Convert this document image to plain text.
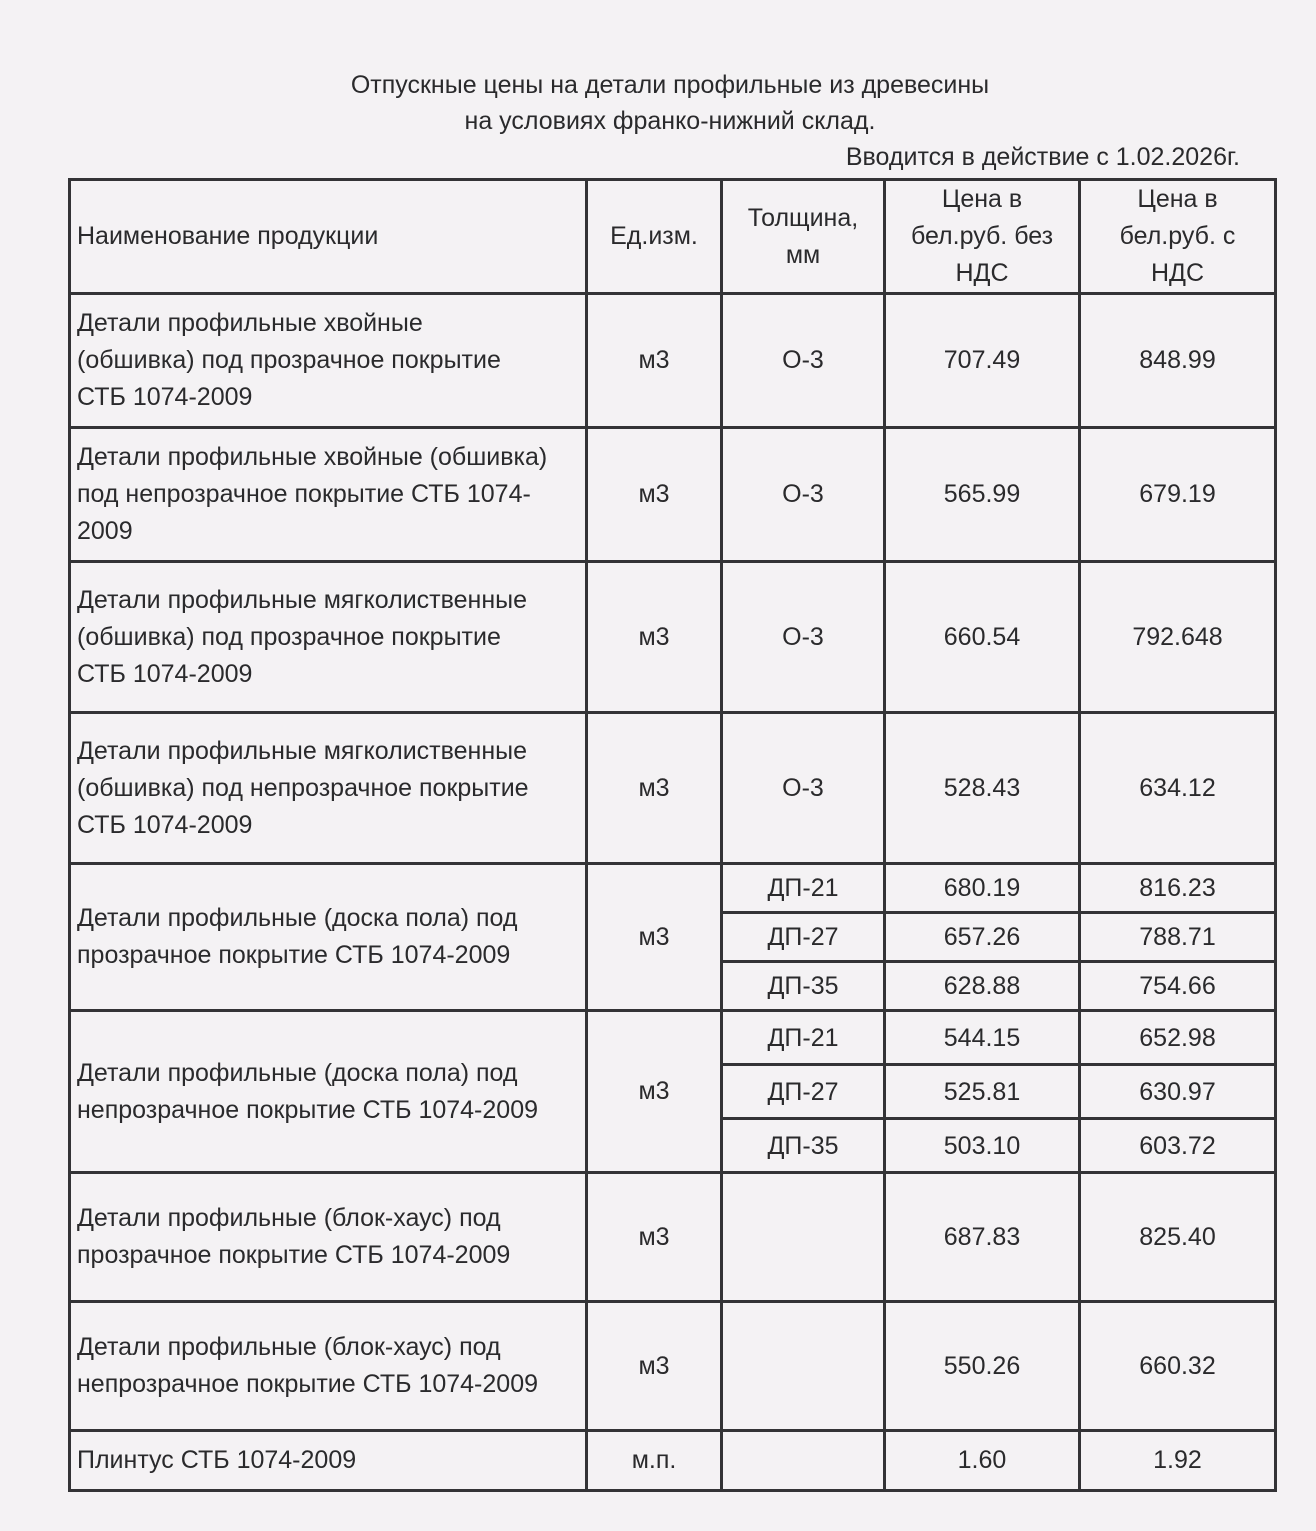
Отпускные цены на детали профильные из древесины
на условиях франко-нижний склад.
Вводится в действие с 1.02.2026г.
Наименование продукции	Ед.изм.	Толщина, мм	Цена в бел.руб. без НДС	Цена в бел.руб. с НДС
Детали профильные хвойные (обшивка) под прозрачное покрытие СТБ 1074-2009	м3	О-3	707.49	848.99
Детали профильные хвойные (обшивка) под непрозрачное покрытие СТБ 1074-2009	м3	О-3	565.99	679.19
Детали профильные мягколиственные (обшивка) под прозрачное покрытие СТБ 1074-2009	м3	О-3	660.54	792.648
Детали профильные мягколиственные (обшивка) под непрозрачное покрытие СТБ 1074-2009	м3	О-3	528.43	634.12
Детали профильные (доска пола) под прозрачное покрытие СТБ 1074-2009	м3	ДП-21	680.19	816.23
		ДП-27	657.26	788.71
		ДП-35	628.88	754.66
Детали профильные (доска пола) под непрозрачное покрытие СТБ 1074-2009	м3	ДП-21	544.15	652.98
		ДП-27	525.81	630.97
		ДП-35	503.10	603.72
Детали профильные (блок-хаус) под прозрачное покрытие СТБ 1074-2009	м3		687.83	825.40
Детали профильные (блок-хаус) под непрозрачное покрытие СТБ 1074-2009	м3		550.26	660.32
Плинтус СТБ 1074-2009	м.п.		1.60	1.92
